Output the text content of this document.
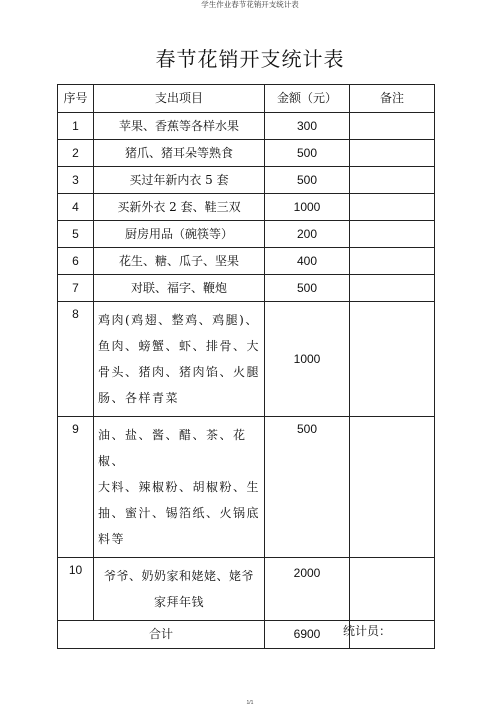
学生作业春节花销开支统计表
春节花销开支统计表
序号	支出项目	金额（元）	备注
1	苹果、香蕉等各样水果	300	
2	猪爪、猪耳朵等熟食	500	
3	买过年新内衣 5 套	500	
4	买新外衣 2 套、鞋三双	1000	
5	厨房用品（碗筷等）	200	
6	花生、糖、瓜子、坚果	400	
7	对联、福字、鞭炮	500	
8	鸡肉(鸡翅、整鸡、鸡腿)、
鱼肉、螃蟹、虾、排骨、大
骨头、猪肉、猪肉馅、火腿
肠、各样青菜	1000	
9	油、盐、酱、醋、茶、花椒、
大料、辣椒粉、胡椒粉、生
抽、蜜汁、锡箔纸、火锅底
料等	500	
10	爷爷、奶奶家和姥姥、姥爷
家拜年钱	2000	
合计		6900	统计员：
1/1
